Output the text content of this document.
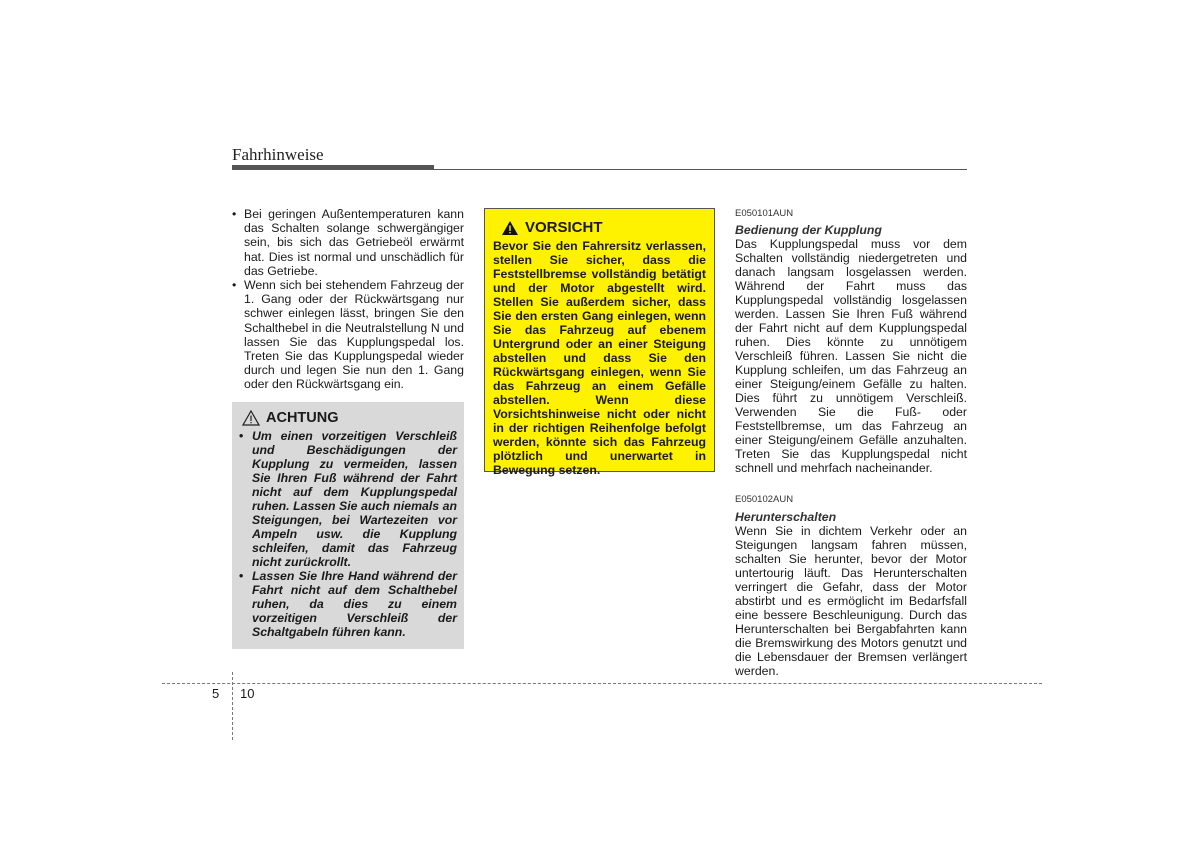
Fahrhinweise
• Bei geringen Außentemperaturen kann das Schalten solange schwergängiger sein, bis sich das Getriebeöl erwärmt hat. Dies ist normal und unschädlich für das Getriebe.
• Wenn sich bei stehendem Fahrzeug der 1. Gang oder der Rückwärtsgang nur schwer einlegen lässt, bringen Sie den Schalthebel in die Neutralstellung N und lassen Sie das Kupplungspedal los. Treten Sie das Kupplungspedal wieder durch und legen Sie nun den 1. Gang oder den Rückwärtsgang ein.
ACHTUNG
• Um einen vorzeitigen Verschleiß und Beschädigungen der Kupplung zu vermeiden, lassen Sie Ihren Fuß während der Fahrt nicht auf dem Kupplungspedal ruhen. Lassen Sie auch niemals an Steigungen, bei Wartezeiten vor Ampeln usw. die Kupplung schleifen, damit das Fahrzeug nicht zurückrollt.
• Lassen Sie Ihre Hand während der Fahrt nicht auf dem Schalthebel ruhen, da dies zu einem vorzeitigen Verschleiß der Schaltgabeln führen kann.
VORSICHT

Bevor Sie den Fahrersitz verlassen, stellen Sie sicher, dass die Feststellbremse vollständig betätigt und der Motor abgestellt wird. Stellen Sie außerdem sicher, dass Sie den ersten Gang einlegen, wenn Sie das Fahrzeug auf ebenem Untergrund oder an einer Steigung abstellen und dass Sie den Rückwärtsgang einlegen, wenn Sie das Fahrzeug an einem Gefälle abstellen. Wenn diese Vorsichtshinweise nicht oder nicht in der richtigen Reihenfolge befolgt werden, könnte sich das Fahrzeug plötzlich und unerwartet in Bewegung setzen.

E050101AUN

Bedienung der Kupplung

Das Kupplungspedal muss vor dem Schalten vollständig niedergetreten und danach langsam losgelassen werden. Während der Fahrt muss das Kupplungspedal vollständig losgelassen werden. Lassen Sie Ihren Fuß während der Fahrt nicht auf dem Kupplungspedal ruhen. Dies könnte zu unnötigem Verschleiß führen. Lassen Sie nicht die Kupplung schleifen, um das Fahrzeug an einer Steigung/einem Gefälle zu halten. Dies führt zu unnötigem Verschleiß. Verwenden Sie die Fuß- oder Feststellbremse, um das Fahrzeug an einer Steigung/einem Gefälle anzuhalten. Treten Sie das Kupplungspedal nicht schnell und mehrfach nacheinander.

E050102AUN

Herunterschalten

Wenn Sie in dichtem Verkehr oder an Steigungen langsam fahren müssen, schalten Sie herunter, bevor der Motor untertourig läuft. Das Herunterschalten verringert die Gefahr, dass der Motor abstirbt und es ermöglicht im Bedarfsfall eine bessere Beschleunigung. Durch das Herunterschalten bei Bergabfahrten kann die Bremswirkung des Motors genutzt und die Lebensdauer der Bremsen verlängert werden.

5 10
